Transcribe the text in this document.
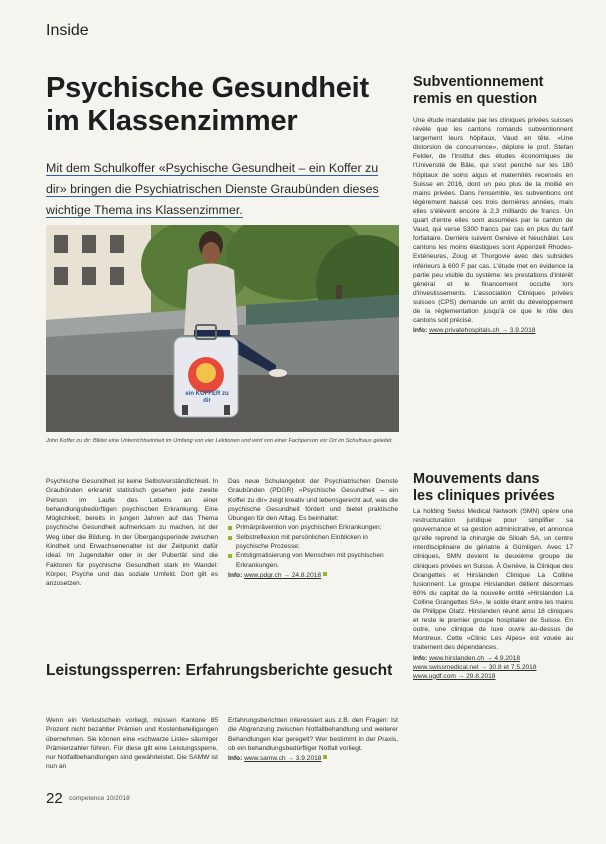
Inside
Psychische Gesundheit
im Klassenzimmer
Mit dem Schulkoffer «Psychische Gesundheit – ein Koffer zu dir» bringen die Psychiatrischen Dienste Graubünden dieses wichtige Thema ins Klassenzimmer.
ein KOFFER zu dir
John Koffer zu dir: Bildet eine Unterrichtseinheit im Umfang von vier Lektionen und wird von einer Fachperson vor Ort im Schulhaus geleitet.

Psychische Gesundheit ist keine Selbstverständlichkeit. In Graubünden erkrankt statistisch gesehen jede zweite Person im Laufe des Lebens an einer behandlungsbedürftigen psychischen Erkrankung. Eine Möglichkeit, bereits in jungen Jahren auf das Thema psychische Gesundheit aufmerksam zu machen, ist der Weg über die Bildung. In der Übergangsperiode zwischen Kindheit und Erwachsenenalter ist der Zeitpunkt dafür ideal. Im Jugendalter oder in der Pubertät sind die Faktoren für psychische Gesundheit stark im Wandel: Körper, Psyche und das soziale Umfeld. Dort gilt es anzusetzen.

Das neue Schulangebot der Psychiatrischen Dienste Graubünden (PDGR) «Psychische Gesundheit – ein Koffer zu dir» zeigt kreativ und lebensgerecht auf, was die psychische Gesundheit fördert und bietet praktische Übungen für den Alltag. Es beinhaltet:

Primärprävention von psychischen Erkrankungen;
Selbstreflexion mit persönlichen Einblicken in psychische Prozesse;
Entstigmatisierung von Menschen mit psychischen Erkrankungen.
Info: www.pdgr.ch → 24.8.2018
Leistungssperren: Erfahrungsberichte gesucht

Wenn ein Verlustschein vorliegt, müssen Kantone 85 Prozent nicht bezahlter Prämien und Kostenbeteiligungen übernehmen. Sie können eine «schwarze Liste» säumiger Prämienzahler führen. Für diese gilt eine Leistungssperre, nur Notfallbehandlungen sind gewährleistet. Die SAMW ist nun an

Erfahrungsberichten interessiert aus z.B. den Fragen: Ist die Abgrenzung zwischen Notfallbehandlung und weiterer Behandlungen klar geregelt? Wer bestimmt in der Praxis, ob ein behandlungsbedürftiger Notfall vorliegt.

Info: www.samw.ch → 3.9.2018
Subventionnement
remis en question

Une étude mandatée par les cliniques privées suisses révèle que les cantons romands subventionnent largement leurs hôpitaux, Vaud en tête. «Une distorsion de concurrence», déplore le prof. Stefan Felder, de l'Institut des études économiques de l'Université de Bâle, qui s'est penché sur les 180 hôpitaux de soins aigus et maternités recensés en Suisse en 2016, dont un peu plus de la moitié en mains privées. Dans l'ensemble, les subventions ont légèrement baissé ces trois dernières années, mais elles s'élèvent encore à 2,3 milliards de francs. Un quart d'entre elles sont assumées par le canton de Vaud, qui verse 5300 francs par cas en plus du tarif forfaitaire. Derrière suivent Genève et Neuchâtel. Les cantons les moins élastiques sont Appenzell Rhodes-Extérieures, Zoug et Thurgovie avec des subsides inférieurs à 600 F par cas. L'étude met en évidence la partie peu visible du système: les prestations d'intérêt général et le financement occulte lors d'investissements. L'association Cliniques privées suisses (CPS) demande un arrêt du développement de la réglementation jusqu'à ce que le rôle des cantons soit précisé.

Info: www.privatehospitals.ch → 3.9.2018
Mouvements dans
les cliniques privées

La holding Swiss Medical Network (SMN) opère une restructuration juridique pour simplifier sa gouvernance et sa gestion administrative, et annonce qu'elle reprend la chirurgie de Siloah SA, un centre interdisciplinaire de gériatrie à Gümligen. Avec 17 cliniques, SMN devient le deuxième groupe de cliniques privées en Suisse. À Genève, la Clinique des Grangettes et Hirslanden Clinique La Colline fusionnent. Le groupe Hirslanden détient désormais 60% du capital de la nouvelle entité «Hirslanden La Colline Grangettes SA», le solde étant entre les mains de Philippe Glatz. Hirslanden réunit ainsi 18 cliniques et reste le premier groupe hospitalier de Suisse. En outre, une clinique de luxe ouvre au-dessus de Montreux. Cette «Clinic Les Alpes» est vouée au traitement des dépendances.

Info: www.hirslanden.ch → 4.9.2018
www.swissmedical.net → 30.8 et 7.5.2018
www.ugdf.com → 29.8.2018
22 competence 10/2018
